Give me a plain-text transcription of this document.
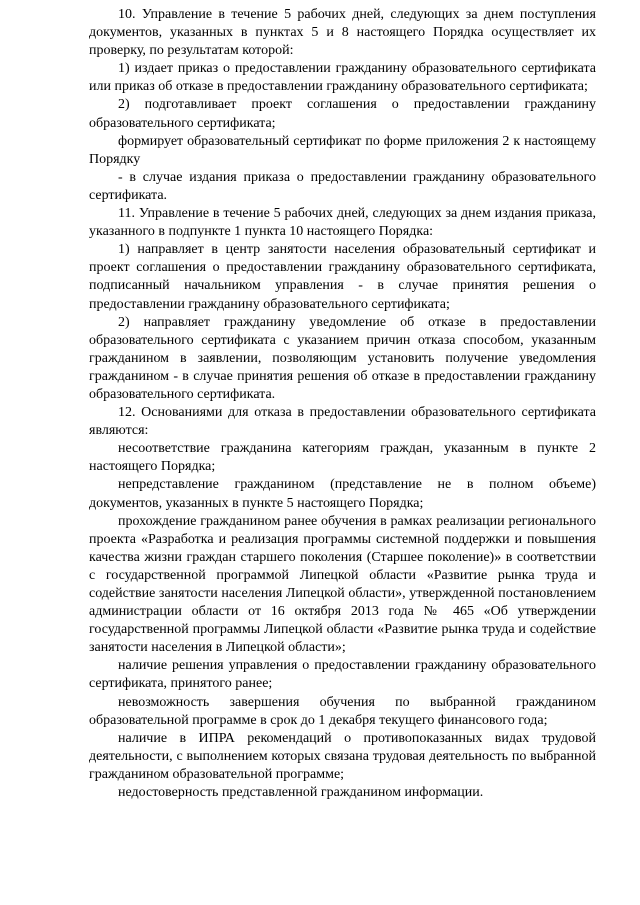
10. Управление в течение 5 рабочих дней, следующих за днем поступления документов, указанных в пунктах 5 и 8 настоящего Порядка осуществляет их проверку, по результатам которой:

1) издает приказ о предоставлении гражданину образовательного сертификата или приказ об отказе в предоставлении гражданину образовательного сертификата;

2) подготавливает проект соглашения о предоставлении гражданину образовательного сертификата;

формирует образовательный сертификат по форме приложения 2 к настоящему Порядку

- в случае издания приказа о предоставлении гражданину образовательного сертификата.

11. Управление в течение 5 рабочих дней, следующих за днем издания приказа, указанного в подпункте 1 пункта 10 настоящего Порядка:

1) направляет в центр занятости населения образовательный сертификат и проект соглашения о предоставлении гражданину образовательного сертификата, подписанный начальником управления - в случае принятия решения о предоставлении гражданину образовательного сертификата;

2) направляет гражданину уведомление об отказе в предоставлении образовательного сертификата с указанием причин отказа способом, указанным гражданином в заявлении, позволяющим установить получение уведомления гражданином - в случае принятия решения об отказе в предоставлении гражданину образовательного сертификата.

12. Основаниями для отказа в предоставлении образовательного сертификата являются:

несоответствие гражданина категориям граждан, указанным в пункте 2 настоящего Порядка;

непредставление гражданином (представление не в полном объеме) документов, указанных в пункте 5 настоящего Порядка;

прохождение гражданином ранее обучения в рамках реализации регионального проекта «Разработка и реализация программы системной поддержки и повышения качества жизни граждан старшего поколения (Старшее поколение)» в соответствии с государственной программой Липецкой области «Развитие рынка труда и содействие занятости населения Липецкой области», утвержденной постановлением администрации области от 16 октября 2013 года № 465 «Об утверждении государственной программы Липецкой области «Развитие рынка труда и содействие занятости населения в Липецкой области»;

наличие решения управления о предоставлении гражданину образовательного сертификата, принятого ранее;

невозможность завершения обучения по выбранной гражданином образовательной программе в срок до 1 декабря текущего финансового года;

наличие в ИПРА рекомендаций о противопоказанных видах трудовой деятельности, с выполнением которых связана трудовая деятельность по выбранной гражданином образовательной программе;

недостоверность представленной гражданином информации.
